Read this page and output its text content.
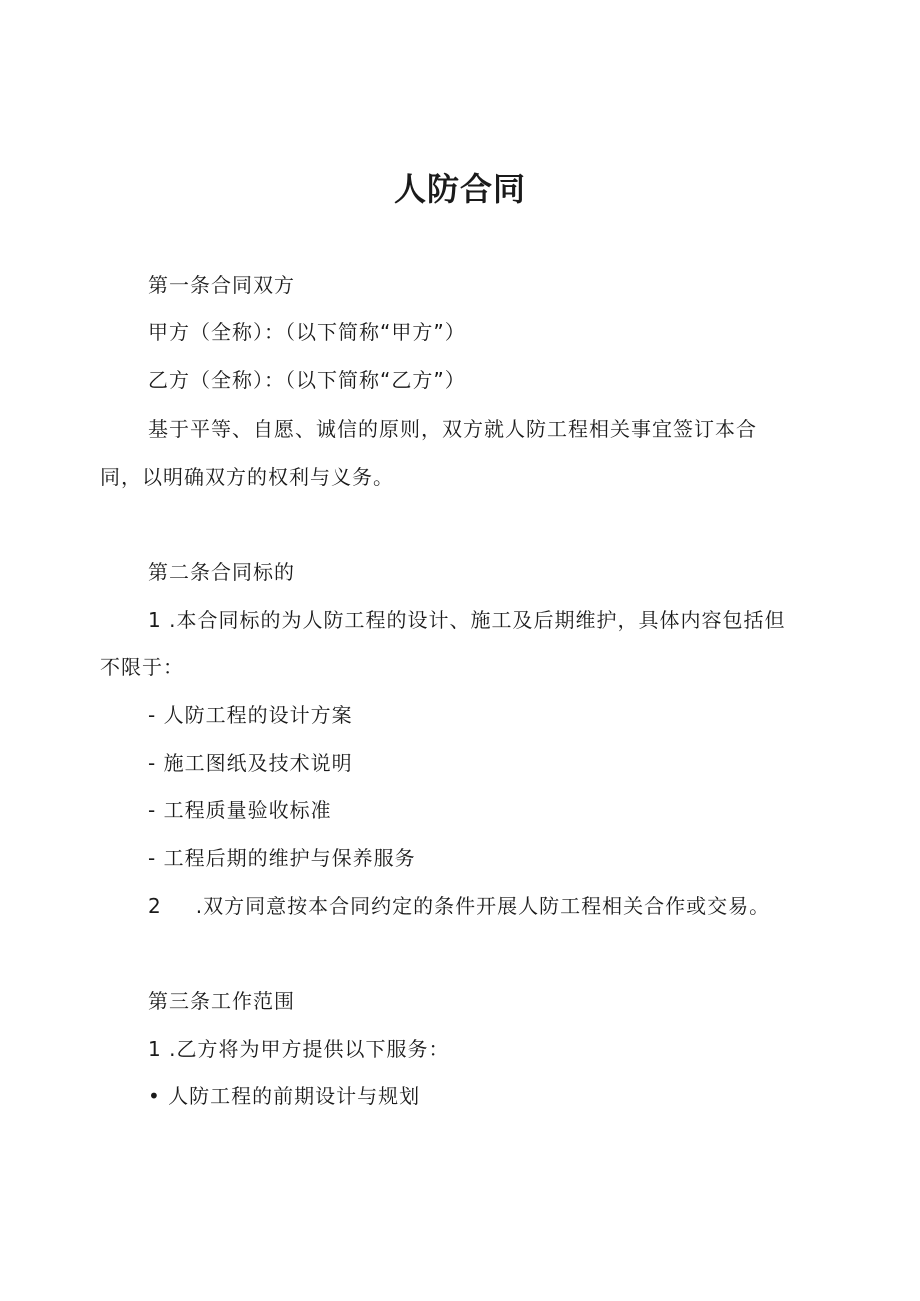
人防合同
第一条合同双方
甲方（全称）：（以下简称“甲方”）
乙方（全称）：（以下简称“乙方”）
基于平等、自愿、诚信的原则，双方就人防工程相关事宜签订本合
同，以明确双方的权利与义务。
第二条合同标的
1 .本合同标的为人防工程的设计、施工及后期维护，具体内容包括但
不限于：
- 人防工程的设计方案
- 施工图纸及技术说明
- 工程质量验收标准
- 工程后期的维护与保养服务
2 .双方同意按本合同约定的条件开展人防工程相关合作或交易。
第三条工作范围
1 .乙方将为甲方提供以下服务：
• 人防工程的前期设计与规划
